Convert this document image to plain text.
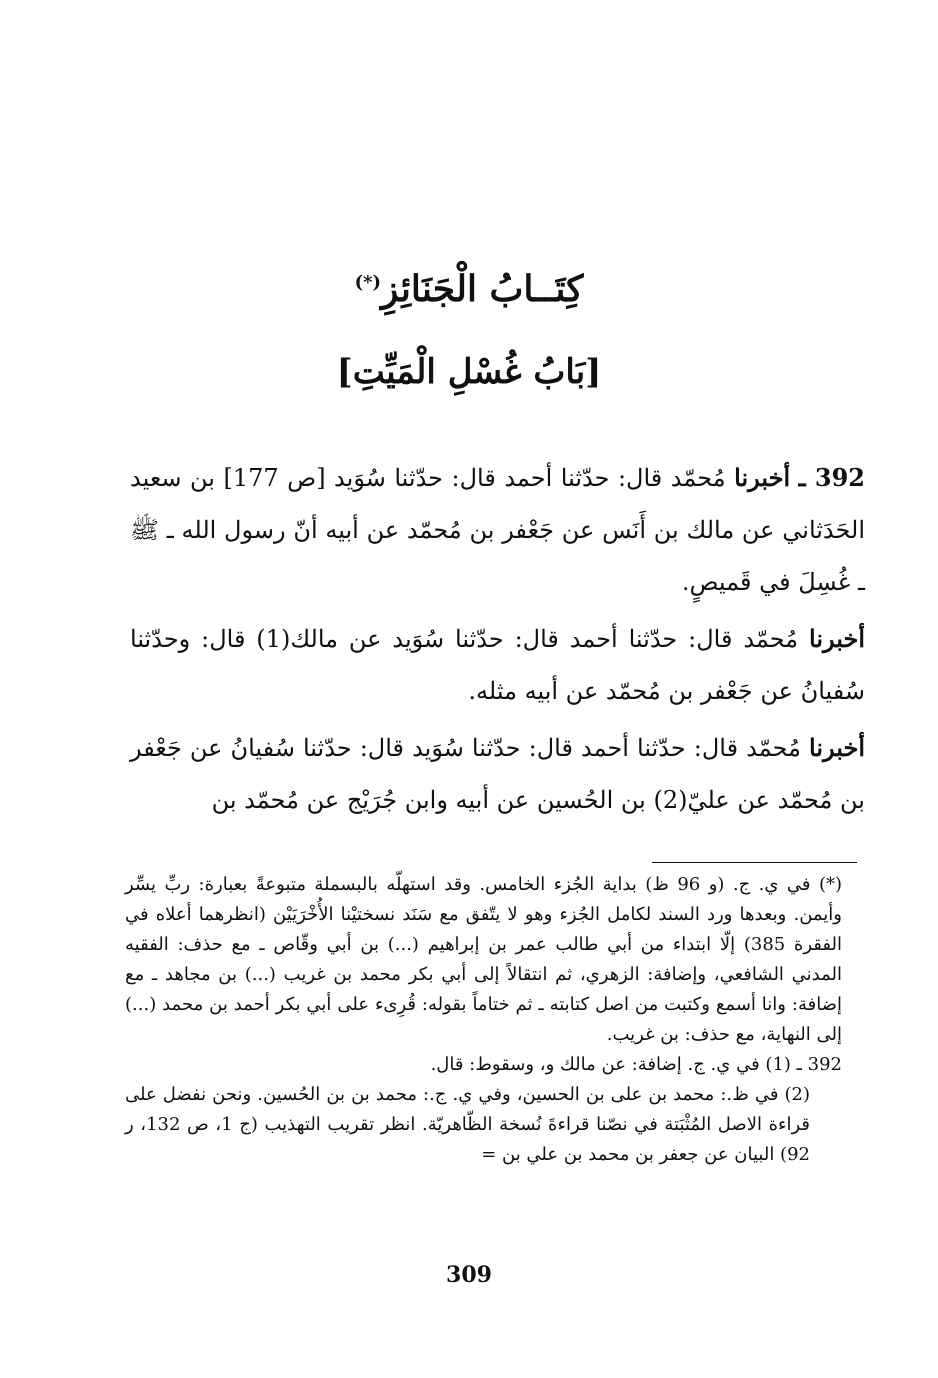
كِتَــابُ الْجَنَائِزِ(*)
[بَابُ غُسْلِ الْمَيِّتِ]

392 ـ أخبرنا مُحمّد قال: حدّثنا أحمد قال: حدّثنا سُوَيد [ص 177] بن سعيد الحَدَثاني عن مالك بن أَنَس عن جَعْفر بن مُحمّد عن أبيه أنّ رسول الله ـ ﷺ ـ غُسِلَ في قَميصٍ.

أخبرنا مُحمّد قال: حدّثنا أحمد قال: حدّثنا سُوَيد عن مالك(1) قال: وحدّثنا سُفيانُ عن جَعْفر بن مُحمّد عن أبيه مثله.

أخبرنا مُحمّد قال: حدّثنا أحمد قال: حدّثنا سُوَيد قال: حدّثنا سُفيانُ عن جَعْفر بن مُحمّد عن عليّ(2) بن الحُسين عن أبيه وابن جُرَيْج عن مُحمّد بن

(*) في ي. ج. (و 96 ظ) بداية الجُزء الخامس. وقد استهلّه بالبسملة متبوعةً بعبارة: ربِّ يسِّر وأيمن. وبعدها ورد السند لكامل الجُزء وهو لا يتّفق مع سَنَد نسختيْنا الأُخْرَيَيْن (انظرهما أعلاه في الفقرة 385) إلّا ابتداء من أبي طالب عمر بن إبراهيم (...) بن أبي وقّاص ـ مع حذف: الفقيه المدني الشافعي، وإضافة: الزهري، ثم انتقالاً إلى أبي بكر محمد بن غريب (...) بن مجاهد ـ مع إضافة: وانا أسمع وكتبت من اصل كتابته ـ ثم ختاماً بقوله: قُرِىء على أبي بكر أحمد بن محمد (...) إلى النهاية، مع حذف: بن غريب.

392 ـ (1) في ي. ج. إضافة: عن مالك و، وسقوط: قال.

(2) في ظ.: محمد بن على بن الحسين، وفي ي. ج.: محمد بن بن الحُسين. ونحن نفضل على قراءة الاصل المُثْبَتة في نصّنا قراءةَ نُسخة الظّاهريّة. انظر تقريب التهذيب (ج 1، ص 132، ر 92) البيان عن جعفر بن محمد بن علي بن =

309
